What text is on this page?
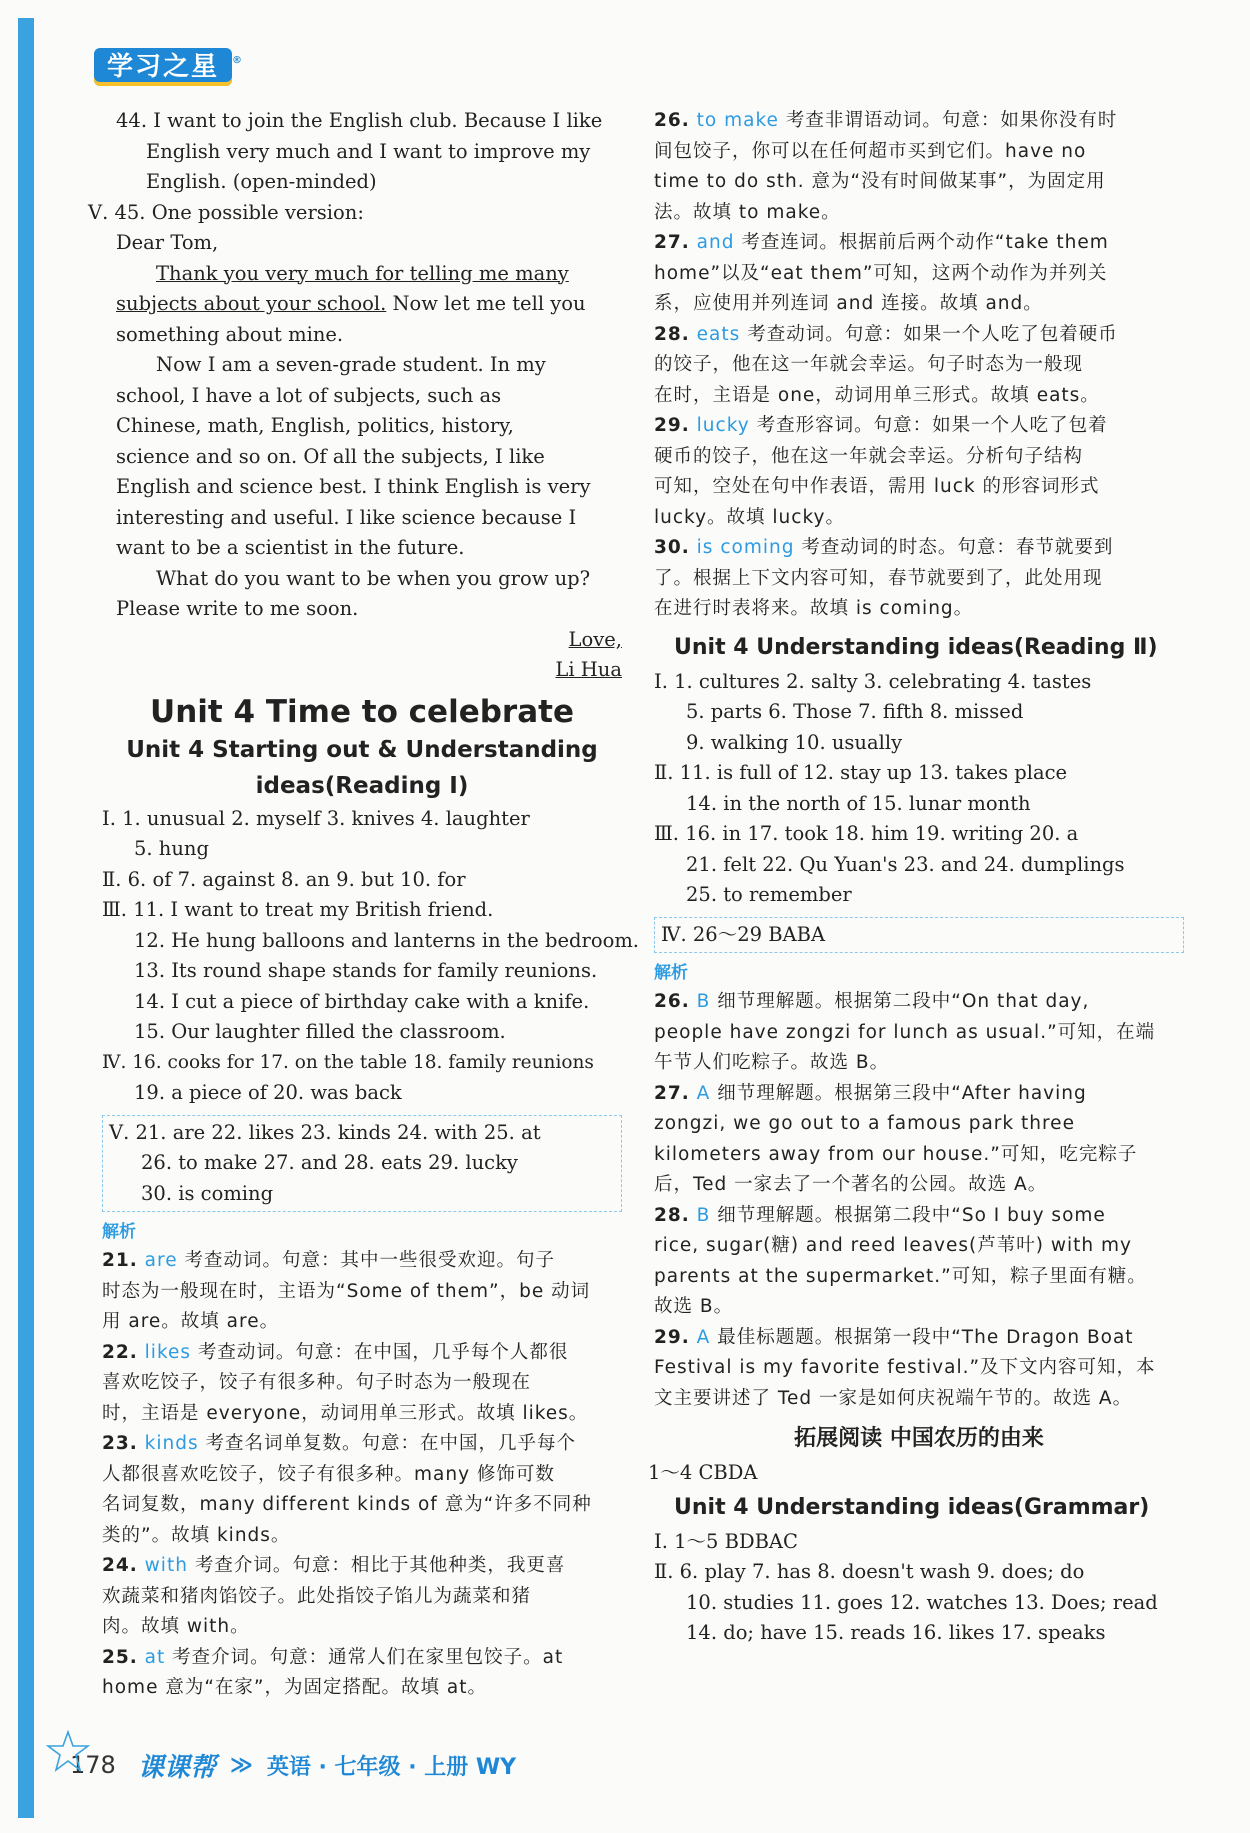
学习之星 ®
44. I want to join the English club. Because I like
English very much and I want to improve my
English. (open-minded)
Ⅴ. 45. One possible version:
Dear Tom,
Thank you very much for telling me many
subjects about your school. Now let me tell you
something about mine.
Now I am a seven-grade student. In my
school, I have a lot of subjects, such as
Chinese, math, English, politics, history,
science and so on. Of all the subjects, I like
English and science best. I think English is very
interesting and useful. I like science because I
want to be a scientist in the future.
What do you want to be when you grow up?
Please write to me soon.
Love,
Li Hua
Unit 4 Time to celebrate
Unit 4 Starting out & Understanding
ideas(Reading Ⅰ)
Ⅰ. 1. unusual 2. myself 3. knives 4. laughter
5. hung
Ⅱ. 6. of 7. against 8. an 9. but 10. for
Ⅲ. 11. I want to treat my British friend.
12. He hung balloons and lanterns in the bedroom.
13. Its round shape stands for family reunions.
14. I cut a piece of birthday cake with a knife.
15. Our laughter filled the classroom.
Ⅳ. 16. cooks for 17. on the table 18. family reunions
19. a piece of 20. was back
Ⅴ. 21. are 22. likes 23. kinds 24. with 25. at
26. to make 27. and 28. eats 29. lucky
30. is coming
解析
21. are 考查动词。句意：其中一些很受欢迎。句子
时态为一般现在时，主语为“Some of them”，be 动词
用 are。故填 are。
22. likes 考查动词。句意：在中国，几乎每个人都很
喜欢吃饺子，饺子有很多种。句子时态为一般现在
时，主语是 everyone，动词用单三形式。故填 likes。
23. kinds 考查名词单复数。句意：在中国，几乎每个
人都很喜欢吃饺子，饺子有很多种。many 修饰可数
名词复数，many different kinds of 意为“许多不同种
类的”。故填 kinds。
24. with 考查介词。句意：相比于其他种类，我更喜
欢蔬菜和猪肉馅饺子。此处指饺子馅儿为蔬菜和猪
肉。故填 with。
25. at 考查介词。句意：通常人们在家里包饺子。at
home 意为“在家”，为固定搭配。故填 at。
26. to make 考查非谓语动词。句意：如果你没有时
间包饺子，你可以在任何超市买到它们。have no
time to do sth. 意为“没有时间做某事”，为固定用
法。故填 to make。
27. and 考查连词。根据前后两个动作“take them
home”以及“eat them”可知，这两个动作为并列关
系，应使用并列连词 and 连接。故填 and。
28. eats 考查动词。句意：如果一个人吃了包着硬币
的饺子，他在这一年就会幸运。句子时态为一般现
在时，主语是 one，动词用单三形式。故填 eats。
29. lucky 考查形容词。句意：如果一个人吃了包着
硬币的饺子，他在这一年就会幸运。分析句子结构
可知，空处在句中作表语，需用 luck 的形容词形式
lucky。故填 lucky。
30. is coming 考查动词的时态。句意：春节就要到
了。根据上下文内容可知，春节就要到了，此处用现
在进行时表将来。故填 is coming。
Unit 4 Understanding ideas(Reading Ⅱ)
Ⅰ. 1. cultures 2. salty 3. celebrating 4. tastes
5. parts 6. Those 7. fifth 8. missed
9. walking 10. usually
Ⅱ. 11. is full of 12. stay up 13. takes place
14. in the north of 15. lunar month
Ⅲ. 16. in 17. took 18. him 19. writing 20. a
21. felt 22. Qu Yuan's 23. and 24. dumplings
25. to remember
Ⅳ. 26～29 BABA
解析
26. B 细节理解题。根据第二段中“On that day,
people have zongzi for lunch as usual.”可知，在端
午节人们吃粽子。故选 B。
27. A 细节理解题。根据第三段中“After having
zongzi, we go out to a famous park three
kilometers away from our house.”可知，吃完粽子
后，Ted 一家去了一个著名的公园。故选 A。
28. B 细节理解题。根据第二段中“So I buy some
rice, sugar(糖) and reed leaves(芦苇叶) with my
parents at the supermarket.”可知，粽子里面有糖。
故选 B。
29. A 最佳标题题。根据第一段中“The Dragon Boat
Festival is my favorite festival.”及下文内容可知，本
文主要讲述了 Ted 一家是如何庆祝端午节的。故选 A。
拓展阅读 中国农历的由来
1～4 CBDA
Unit 4 Understanding ideas(Grammar)
Ⅰ. 1～5 BDBAC
Ⅱ. 6. play 7. has 8. doesn't wash 9. does; do
10. studies 11. goes 12. watches 13. Does; read
14. do; have 15. reads 16. likes 17. speaks
178 课课帮 ≫ 英语 · 七年级 · 上册 WY
